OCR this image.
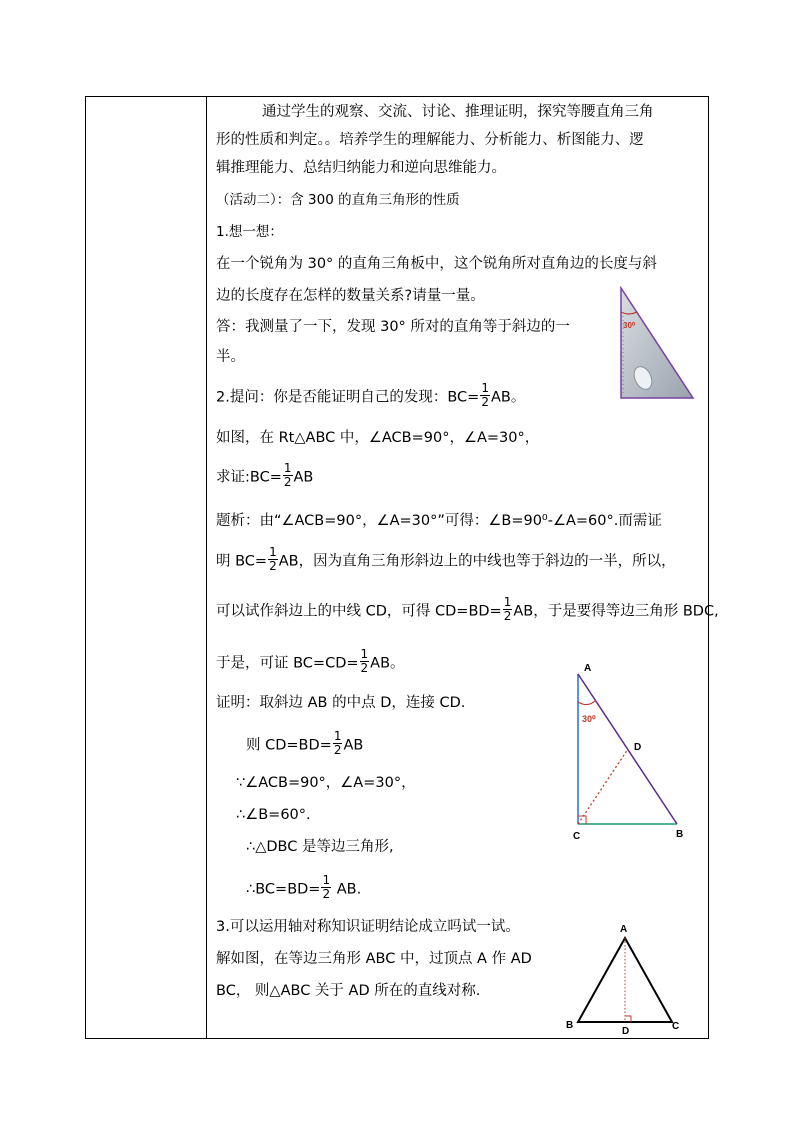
通过学生的观察、交流、讨论、推理证明，探究等腰直角三角
形的性质和判定。。培养学生的理解能力、分析能力、析图能力、逻
辑推理能力、总结归纳能力和逆向思维能力。
（活动二）：含 300 的直角三角形的性质
1.想一想：
在一个锐角为 30° 的直角三角板中，这个锐角所对直角边的长度与斜
边的长度存在怎样的数量关系?请量一量。
答：我测量了一下，发现 30° 所对的直角等于斜边的一
半。
30⁰
2.提问：你是否能证明自己的发现：$BC= \frac{1}{2}$ AB。
如图，在 Rt△ABC 中，∠ACB=90°，∠A=30°，
求证:BC= $\frac{1}{2}$ AB
题析：由“∠ACB=90°，∠A=30°”可得：∠B=90⁰-∠A=60°.而需证
明 $BC= \frac{1}{2}$ AB，因为直角三角形斜边上的中线也等于斜边的一半，所以，
可以试作斜边上的中线 CD，可得 $CD=BD= \frac{1}{2}$ AB，于是要得等边三角形 BDC,
于是，可证 $BC=CD= \frac{1}{2}$ AB。
证明：取斜边 AB 的中点 D，连接 CD.
则 $CD=BD= \frac{1}{2}$ AB
∵∠ACB=90°，∠A=30°，
∴∠B=60°.
∴△DBC 是等边三角形,
∴BC=BD= $\frac{1}{2}$ AB.
A
30⁰
D
C	B
3.可以运用轴对称知识证明结论成立吗试一试。
解如图，在等边三角形 ABC 中，过顶点 A 作 AD
BC， 则△ABC 关于 AD 所在的直线对称.
A
B	C
D
